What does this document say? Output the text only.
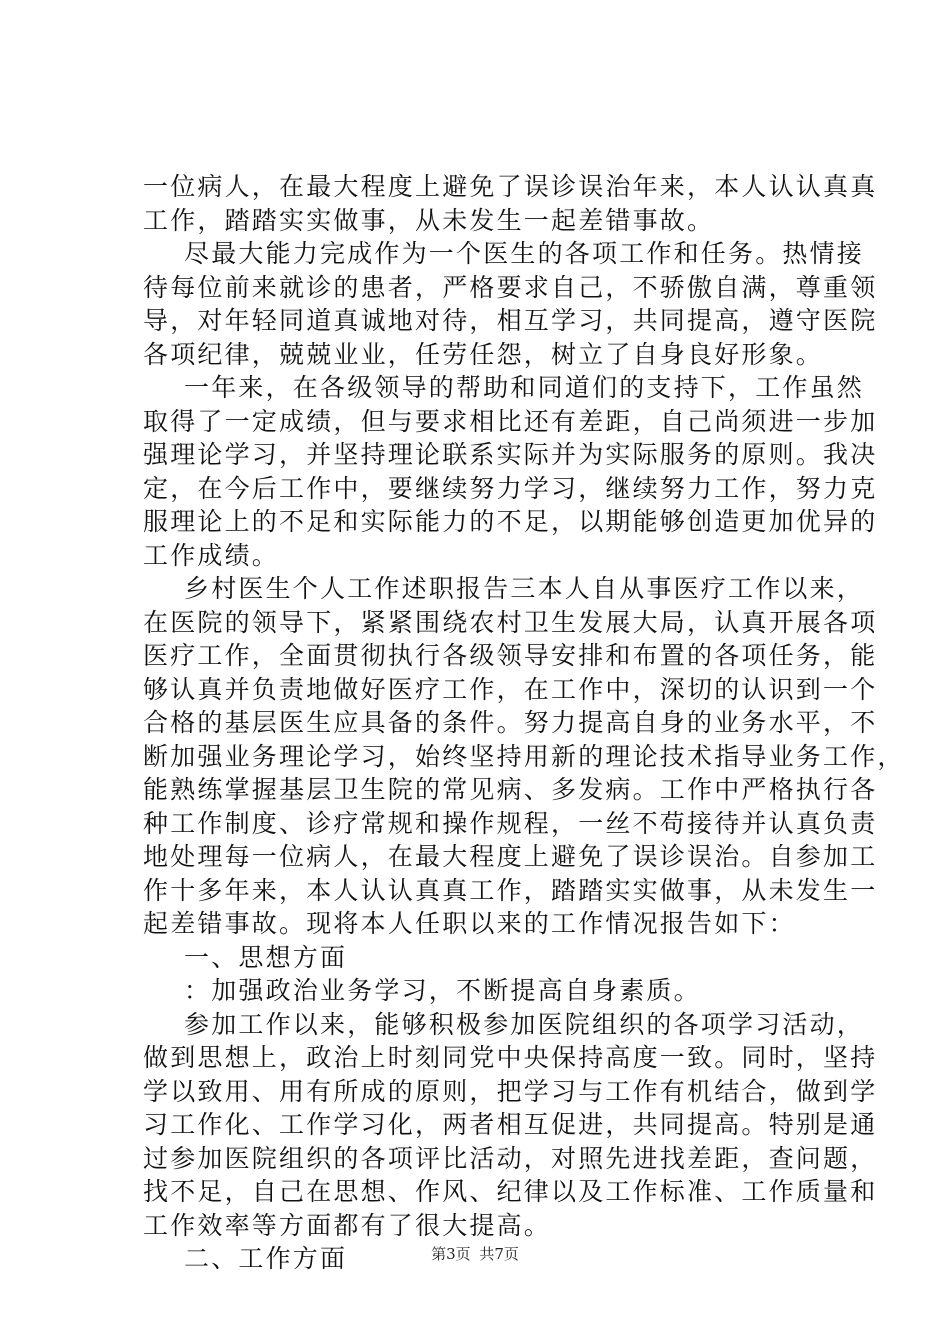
一位病人，在最大程度上避免了误诊误治年来，本人认认真真
工作，踏踏实实做事，从未发生一起差错事故。
尽最大能力完成作为一个医生的各项工作和任务。热情接
待每位前来就诊的患者，严格要求自己，不骄傲自满，尊重领
导，对年轻同道真诚地对待，相互学习，共同提高，遵守医院
各项纪律，兢兢业业，任劳任怨，树立了自身良好形象。
一年来，在各级领导的帮助和同道们的支持下，工作虽然
取得了一定成绩，但与要求相比还有差距，自己尚须进一步加
强理论学习，并坚持理论联系实际并为实际服务的原则。我决
定，在今后工作中，要继续努力学习，继续努力工作，努力克
服理论上的不足和实际能力的不足，以期能够创造更加优异的
工作成绩。
乡村医生个人工作述职报告三本人自从事医疗工作以来，
在医院的领导下，紧紧围绕农村卫生发展大局，认真开展各项
医疗工作，全面贯彻执行各级领导安排和布置的各项任务，能
够认真并负责地做好医疗工作，在工作中，深切的认识到一个
合格的基层医生应具备的条件。努力提高自身的业务水平，不
断加强业务理论学习，始终坚持用新的理论技术指导业务工作，
能熟练掌握基层卫生院的常见病、多发病。工作中严格执行各
种工作制度、诊疗常规和操作规程，一丝不苟接待并认真负责
地处理每一位病人，在最大程度上避免了误诊误治。自参加工
作十多年来，本人认认真真工作，踏踏实实做事，从未发生一
起差错事故。现将本人任职以来的工作情况报告如下：
一、思想方面
：加强政治业务学习，不断提高自身素质。
参加工作以来，能够积极参加医院组织的各项学习活动，
做到思想上，政治上时刻同党中央保持高度一致。同时，坚持
学以致用、用有所成的原则，把学习与工作有机结合，做到学
习工作化、工作学习化，两者相互促进，共同提高。特别是通
过参加医院组织的各项评比活动，对照先进找差距，查问题，
找不足，自己在思想、作风、纪律以及工作标准、工作质量和
工作效率等方面都有了很大提高。
二、工作方面	第3页 共7页
